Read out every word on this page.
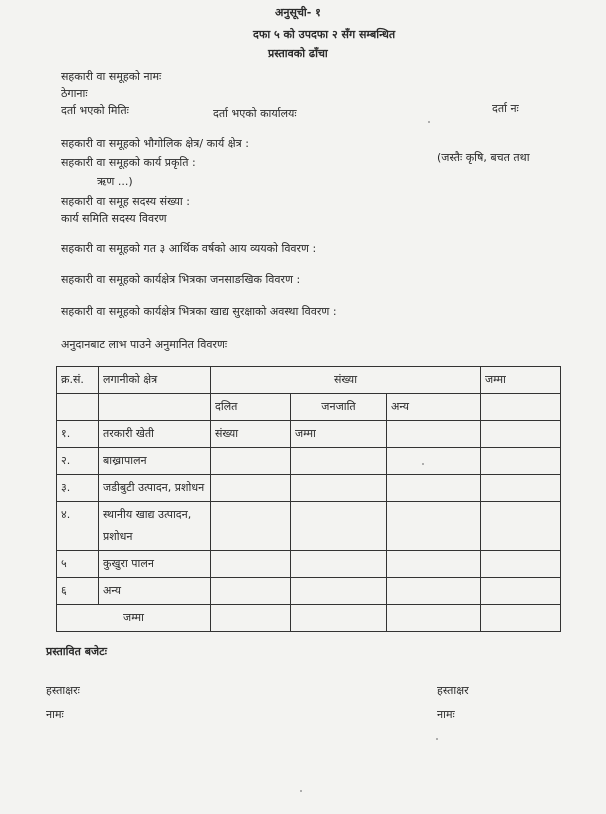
अनुसूची- १
दफा ५ को उपदफा २ सँग सम्बन्धित
प्रस्तावको ढाँचा
सहकारी वा समूहको नामः
ठेगानाः
दर्ता भएको मितिः	दर्ता भएको कार्यालयः	दर्ता नः
सहकारी वा समूहको भौगोलिक क्षेत्र/ कार्य क्षेत्र :
सहकारी वा समूहको कार्य प्रकृति :	(जस्तैः कृषि, बचत तथा
ऋण ...)
सहकारी वा समूह सदस्य संख्या :
कार्य समिति सदस्य विवरण
सहकारी वा समूहको गत ३ आर्थिक वर्षको आय व्ययको विवरण :
सहकारी वा समूहको कार्यक्षेत्र भित्रका जनसाङखिक विवरण :
सहकारी वा समूहको कार्यक्षेत्र भित्रका खाद्य सुरक्षाको अवस्था विवरण :
अनुदानबाट लाभ पाउने अनुमानित विवरणः
क्र.सं.	लगानीको क्षेत्र	संख्या			जम्मा
		दलित	जनजाति	अन्य	
१.	तरकारी खेती	संख्या	जम्मा		
२.	बाख्रापालन				
३.	जडीबुटी उत्पादन, प्रशोधन				
४.	स्थानीय खाद्य उत्पादन, प्रशोधन				
५	कुखुरा पालन				
६	अन्य				
जम्मा					
प्रस्तावित बजेटः
हस्ताक्षरः
नामः
हस्ताक्षर
नामः
